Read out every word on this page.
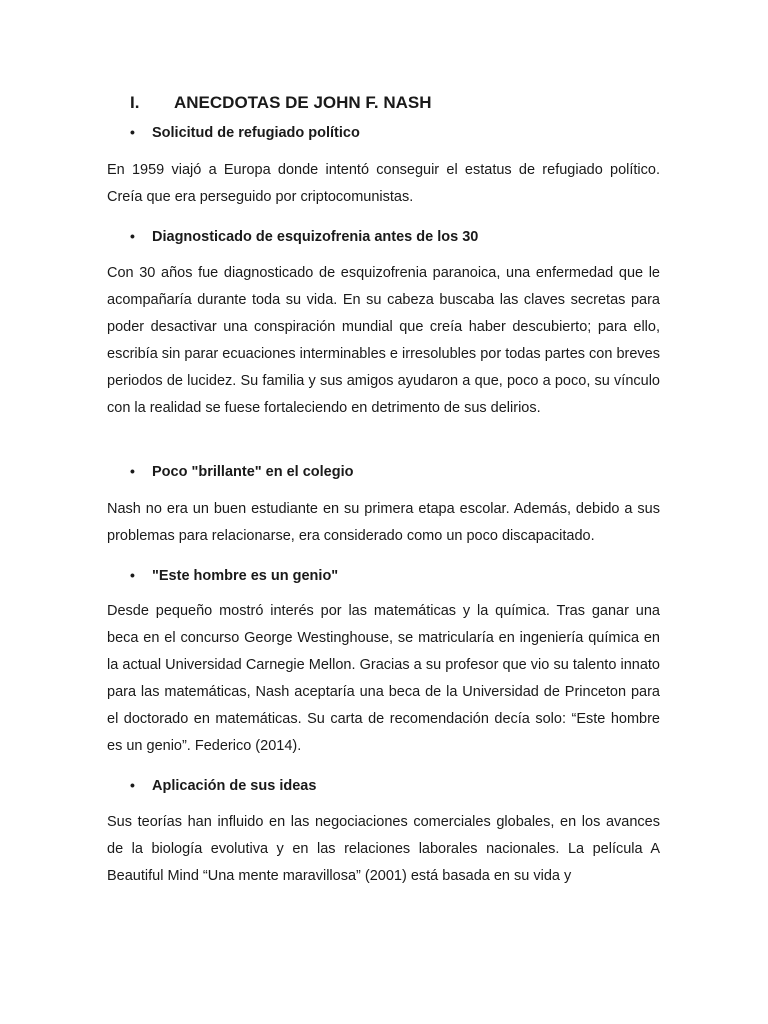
I. ANECDOTAS DE JOHN F. NASH

• Solicitud de refugiado político

En 1959 viajó a Europa donde intentó conseguir el estatus de refugiado político. Creía que era perseguido por criptocomunistas.

• Diagnosticado de esquizofrenia antes de los 30

Con 30 años fue diagnosticado de esquizofrenia paranoica, una enfermedad que le acompañaría durante toda su vida. En su cabeza buscaba las claves secretas para poder desactivar una conspiración mundial que creía haber descubierto; para ello, escribía sin parar ecuaciones interminables e irresolubles por todas partes con breves periodos de lucidez. Su familia y sus amigos ayudaron a que, poco a poco, su vínculo con la realidad se fuese fortaleciendo en detrimento de sus delirios.

• Poco "brillante" en el colegio

Nash no era un buen estudiante en su primera etapa escolar. Además, debido a sus problemas para relacionarse, era considerado como un poco discapacitado.

• "Este hombre es un genio"

Desde pequeño mostró interés por las matemáticas y la química. Tras ganar una beca en el concurso George Westinghouse, se matricularía en ingeniería química en la actual Universidad Carnegie Mellon. Gracias a su profesor que vio su talento innato para las matemáticas, Nash aceptaría una beca de la Universidad de Princeton para el doctorado en matemáticas. Su carta de recomendación decía solo: “Este hombre es un genio”. Federico (2014).

• Aplicación de sus ideas

Sus teorías han influido en las negociaciones comerciales globales, en los avances de la biología evolutiva y en las relaciones laborales nacionales. La película A Beautiful Mind “Una mente maravillosa” (2001) está basada en su vida y
